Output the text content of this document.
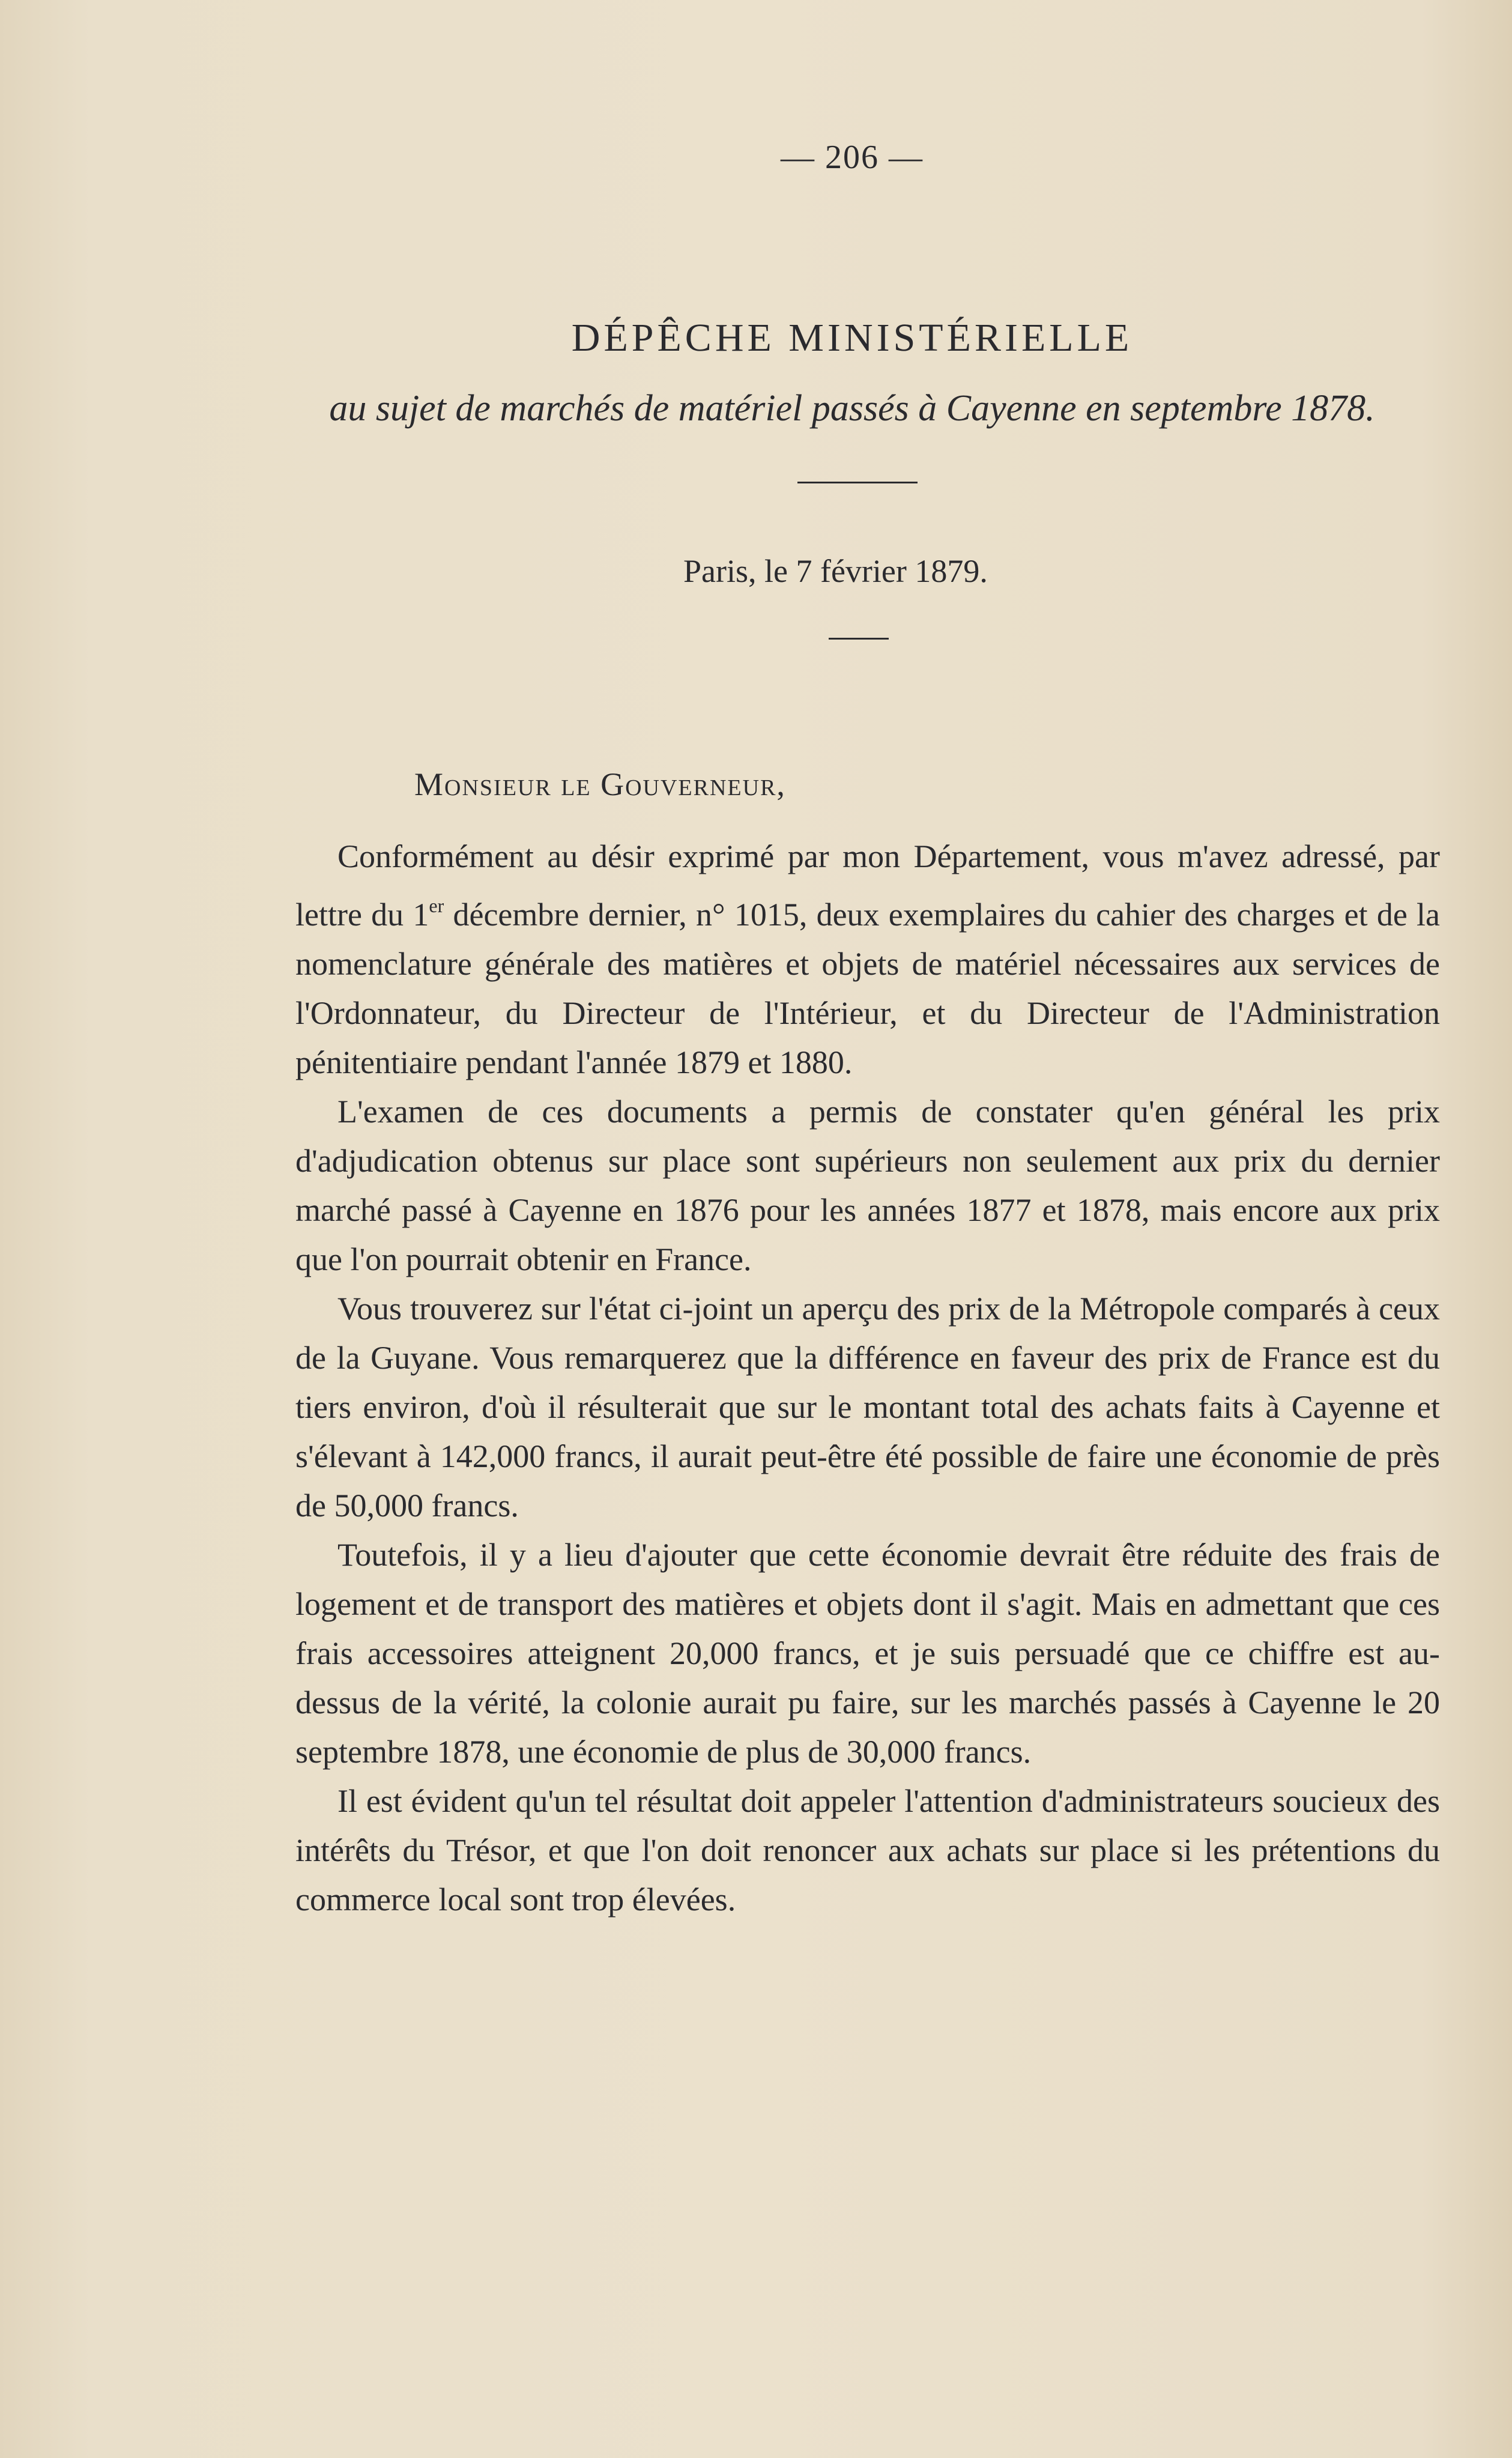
— 206 —
DÉPÊCHE MINISTÉRIELLE
au sujet de marchés de matériel passés à Cayenne en septembre 1878.
Paris, le 7 février 1879.
Monsieur le Gouverneur,

Conformément au désir exprimé par mon Département, vous m'avez adressé, par lettre du 1er décembre dernier, n° 1015, deux exemplaires du cahier des charges et de la nomenclature générale des matières et objets de matériel nécessaires aux services de l'Ordonnateur, du Directeur de l'Intérieur, et du Directeur de l'Administration pénitentiaire pendant l'année 1879 et 1880.

L'examen de ces documents a permis de constater qu'en général les prix d'adjudication obtenus sur place sont supérieurs non seulement aux prix du dernier marché passé à Cayenne en 1876 pour les années 1877 et 1878, mais encore aux prix que l'on pourrait obtenir en France.

Vous trouverez sur l'état ci-joint un aperçu des prix de la Métropole comparés à ceux de la Guyane. Vous remarquerez que la différence en faveur des prix de France est du tiers environ, d'où il résulterait que sur le montant total des achats faits à Cayenne et s'élevant à 142,000 francs, il aurait peut-être été possible de faire une économie de près de 50,000 francs.

Toutefois, il y a lieu d'ajouter que cette économie devrait être réduite des frais de logement et de transport des matières et objets dont il s'agit. Mais en admettant que ces frais accessoires atteignent 20,000 francs, et je suis persuadé que ce chiffre est au-dessus de la vérité, la colonie aurait pu faire, sur les marchés passés à Cayenne le 20 septembre 1878, une économie de plus de 30,000 francs.

Il est évident qu'un tel résultat doit appeler l'attention d'administrateurs soucieux des intérêts du Trésor, et que l'on doit renoncer aux achats sur place si les prétentions du commerce local sont trop élevées.
